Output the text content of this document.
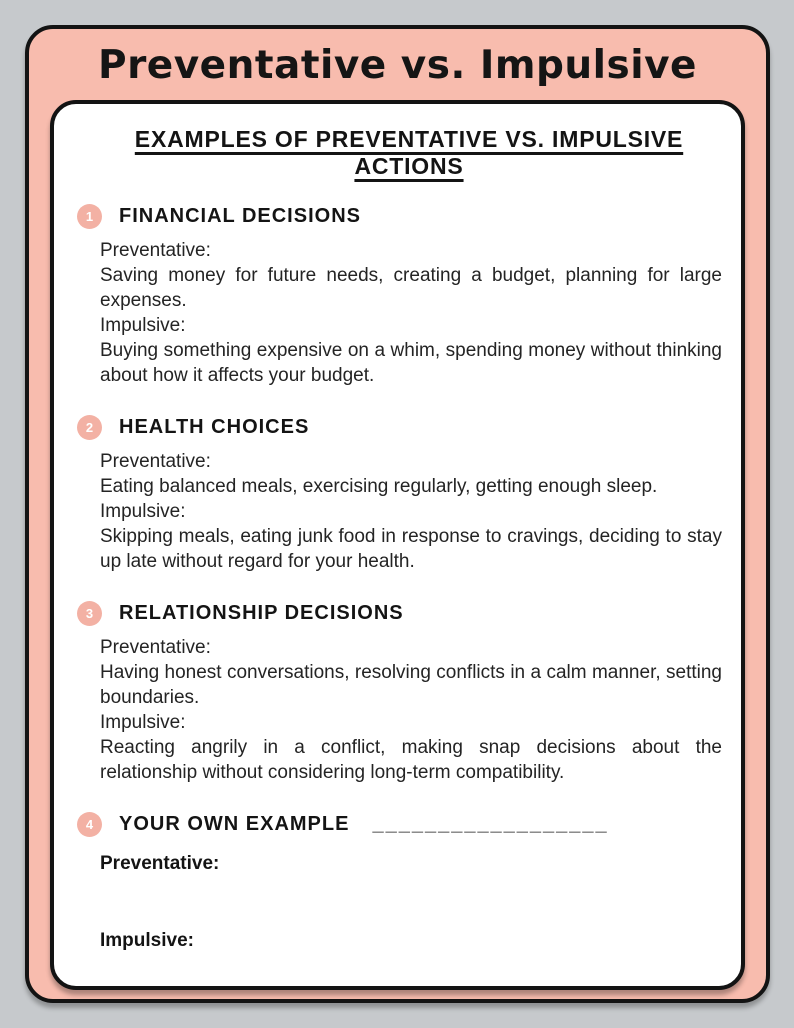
Preventative vs. Impulsive
EXAMPLES OF PREVENTATIVE VS. IMPULSIVE ACTIONS
1	FINANCIAL DECISIONS
Preventative:

Saving money for future needs, creating a budget, planning for large expenses.

Impulsive:

Buying something expensive on a whim, spending money without thinking about how it affects your budget.

2	HEALTH CHOICES
Preventative:

Eating balanced meals, exercising regularly, getting enough sleep.

Impulsive:

Skipping meals, eating junk food in response to cravings, deciding to stay up late without regard for your health.

3	RELATIONSHIP DECISIONS
Preventative:

Having honest conversations, resolving conflicts in a calm manner, setting boundaries.

Impulsive:

Reacting angrily in a conflict, making snap decisions about the relationship without considering long-term compatibility.

4	YOUR OWN EXAMPLE __________________
Preventative:
Impulsive:
